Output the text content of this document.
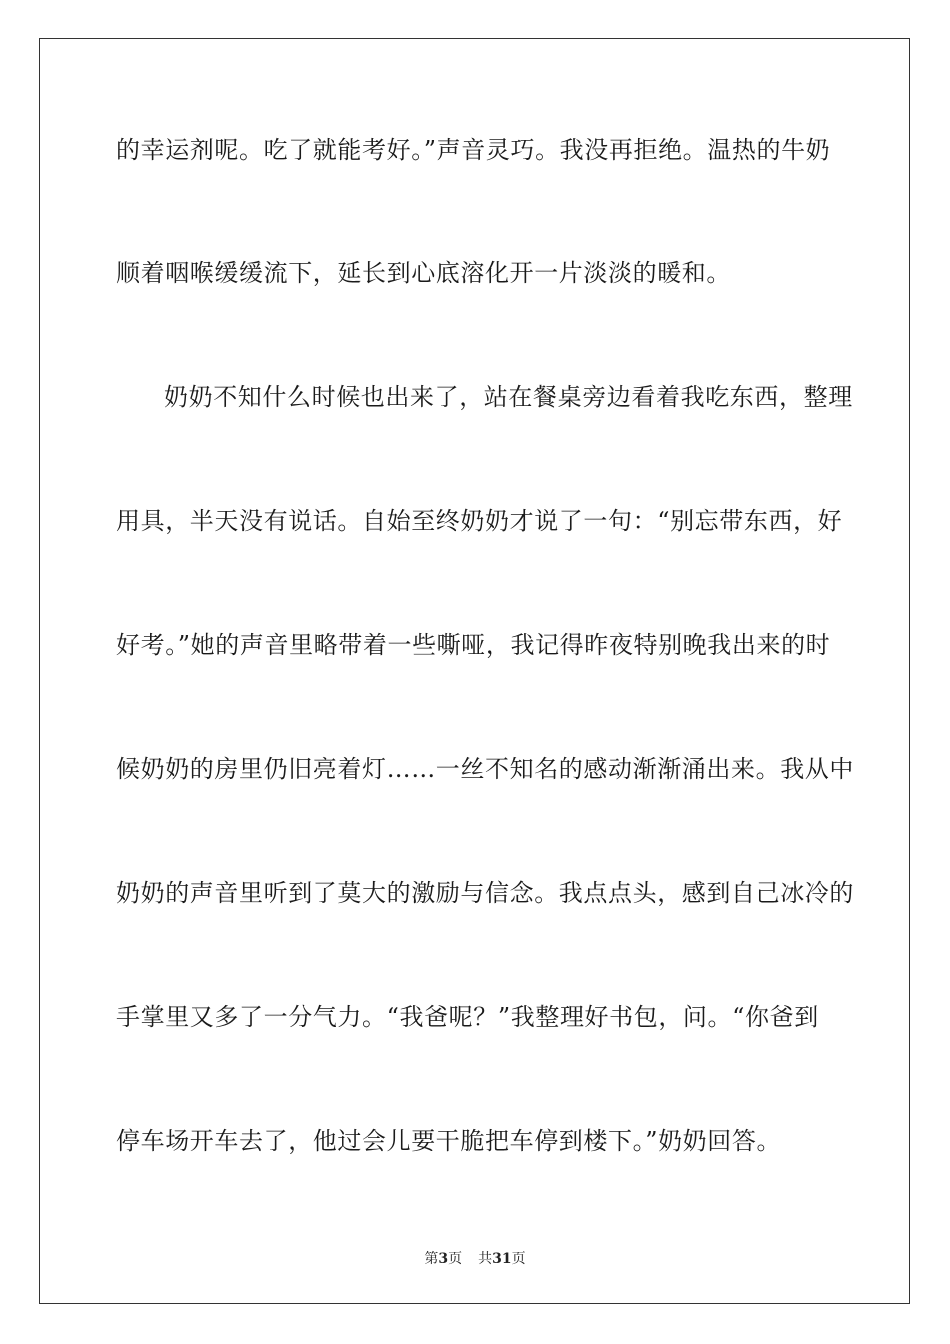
的幸运剂呢。吃了就能考好。”声音灵巧。我没再拒绝。温热的牛奶
顺着咽喉缓缓流下，延长到心底溶化开一片淡淡的暖和。
奶奶不知什么时候也出来了，站在餐桌旁边看着我吃东西，整理
用具，半天没有说话。自始至终奶奶才说了一句：“别忘带东西，好
好考。”她的声音里略带着一些嘶哑，我记得昨夜特别晚我出来的时
候奶奶的房里仍旧亮着灯……一丝不知名的感动渐渐涌出来。我从中
奶奶的声音里听到了莫大的激励与信念。我点点头，感到自己冰冷的
手掌里又多了一分气力。“我爸呢？”我整理好书包，问。“你爸到
停车场开车去了，他过会儿要干脆把车停到楼下。”奶奶回答。
第3页 共31页
